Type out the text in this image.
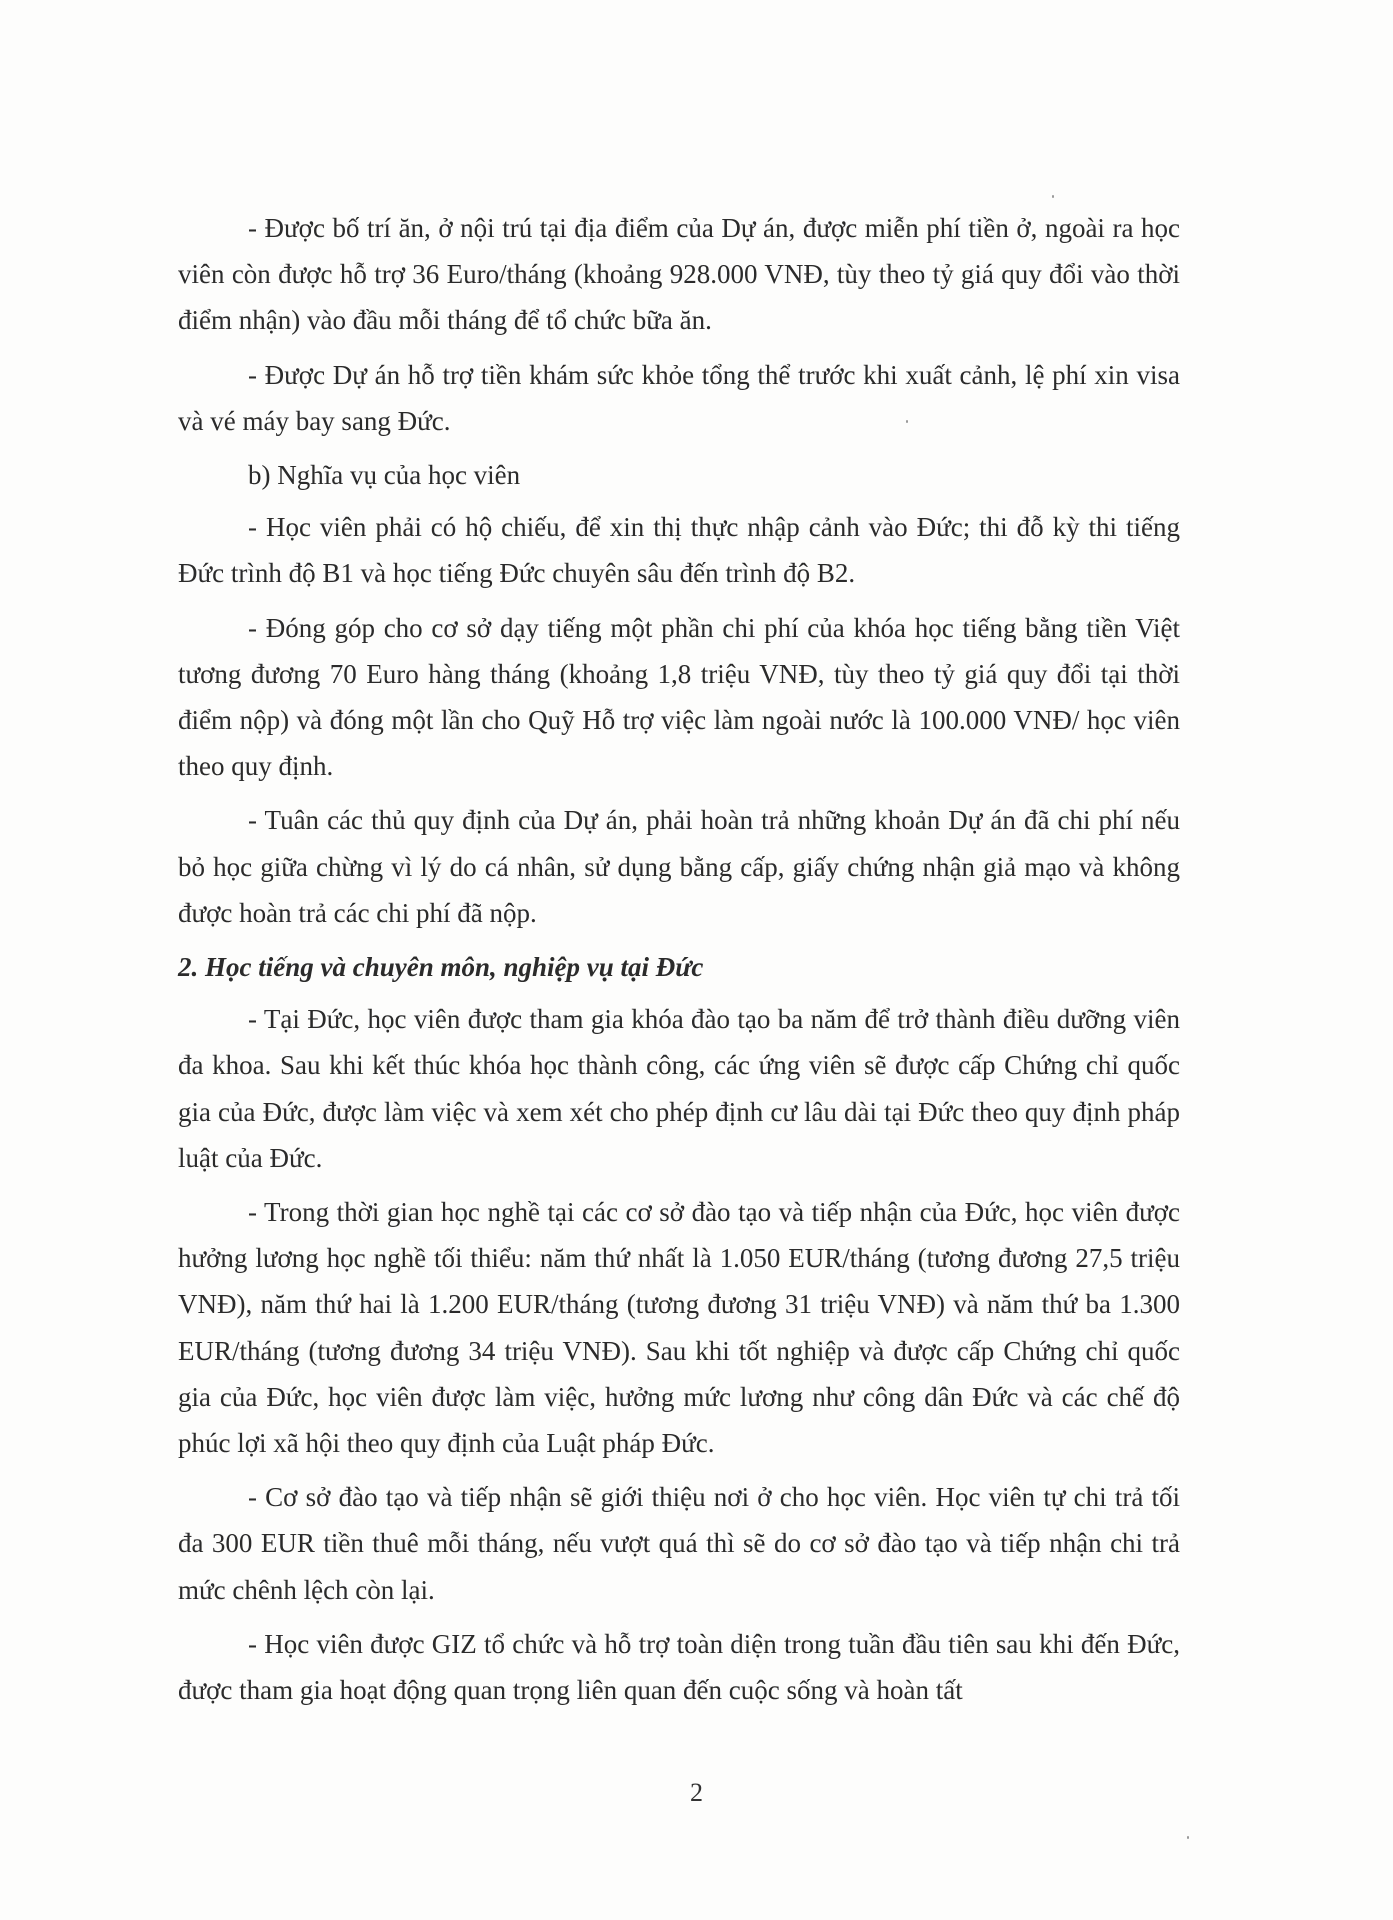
- Được bố trí ăn, ở nội trú tại địa điểm của Dự án, được miễn phí tiền ở, ngoài ra học viên còn được hỗ trợ 36 Euro/tháng (khoảng 928.000 VNĐ, tùy theo tỷ giá quy đổi vào thời điểm nhận) vào đầu mỗi tháng để tổ chức bữa ăn.

- Được Dự án hỗ trợ tiền khám sức khỏe tổng thể trước khi xuất cảnh, lệ phí xin visa và vé máy bay sang Đức.

b) Nghĩa vụ của học viên

- Học viên phải có hộ chiếu, để xin thị thực nhập cảnh vào Đức; thi đỗ kỳ thi tiếng Đức trình độ B1 và học tiếng Đức chuyên sâu đến trình độ B2.

- Đóng góp cho cơ sở dạy tiếng một phần chi phí của khóa học tiếng bằng tiền Việt tương đương 70 Euro hàng tháng (khoảng 1,8 triệu VNĐ, tùy theo tỷ giá quy đổi tại thời điểm nộp) và đóng một lần cho Quỹ Hỗ trợ việc làm ngoài nước là 100.000 VNĐ/ học viên theo quy định.

- Tuân các thủ quy định của Dự án, phải hoàn trả những khoản Dự án đã chi phí nếu bỏ học giữa chừng vì lý do cá nhân, sử dụng bằng cấp, giấy chứng nhận giả mạo và không được hoàn trả các chi phí đã nộp.

2. Học tiếng và chuyên môn, nghiệp vụ tại Đức

- Tại Đức, học viên được tham gia khóa đào tạo ba năm để trở thành điều dưỡng viên đa khoa. Sau khi kết thúc khóa học thành công, các ứng viên sẽ được cấp Chứng chỉ quốc gia của Đức, được làm việc và xem xét cho phép định cư lâu dài tại Đức theo quy định pháp luật của Đức.

- Trong thời gian học nghề tại các cơ sở đào tạo và tiếp nhận của Đức, học viên được hưởng lương học nghề tối thiểu: năm thứ nhất là 1.050 EUR/tháng (tương đương 27,5 triệu VNĐ), năm thứ hai là 1.200 EUR/tháng (tương đương 31 triệu VNĐ) và năm thứ ba 1.300 EUR/tháng (tương đương 34 triệu VNĐ). Sau khi tốt nghiệp và được cấp Chứng chỉ quốc gia của Đức, học viên được làm việc, hưởng mức lương như công dân Đức và các chế độ phúc lợi xã hội theo quy định của Luật pháp Đức.

- Cơ sở đào tạo và tiếp nhận sẽ giới thiệu nơi ở cho học viên. Học viên tự chi trả tối đa 300 EUR tiền thuê mỗi tháng, nếu vượt quá thì sẽ do cơ sở đào tạo và tiếp nhận chi trả mức chênh lệch còn lại.

- Học viên được GIZ tổ chức và hỗ trợ toàn diện trong tuần đầu tiên sau khi đến Đức, được tham gia hoạt động quan trọng liên quan đến cuộc sống và hoàn tất

2
